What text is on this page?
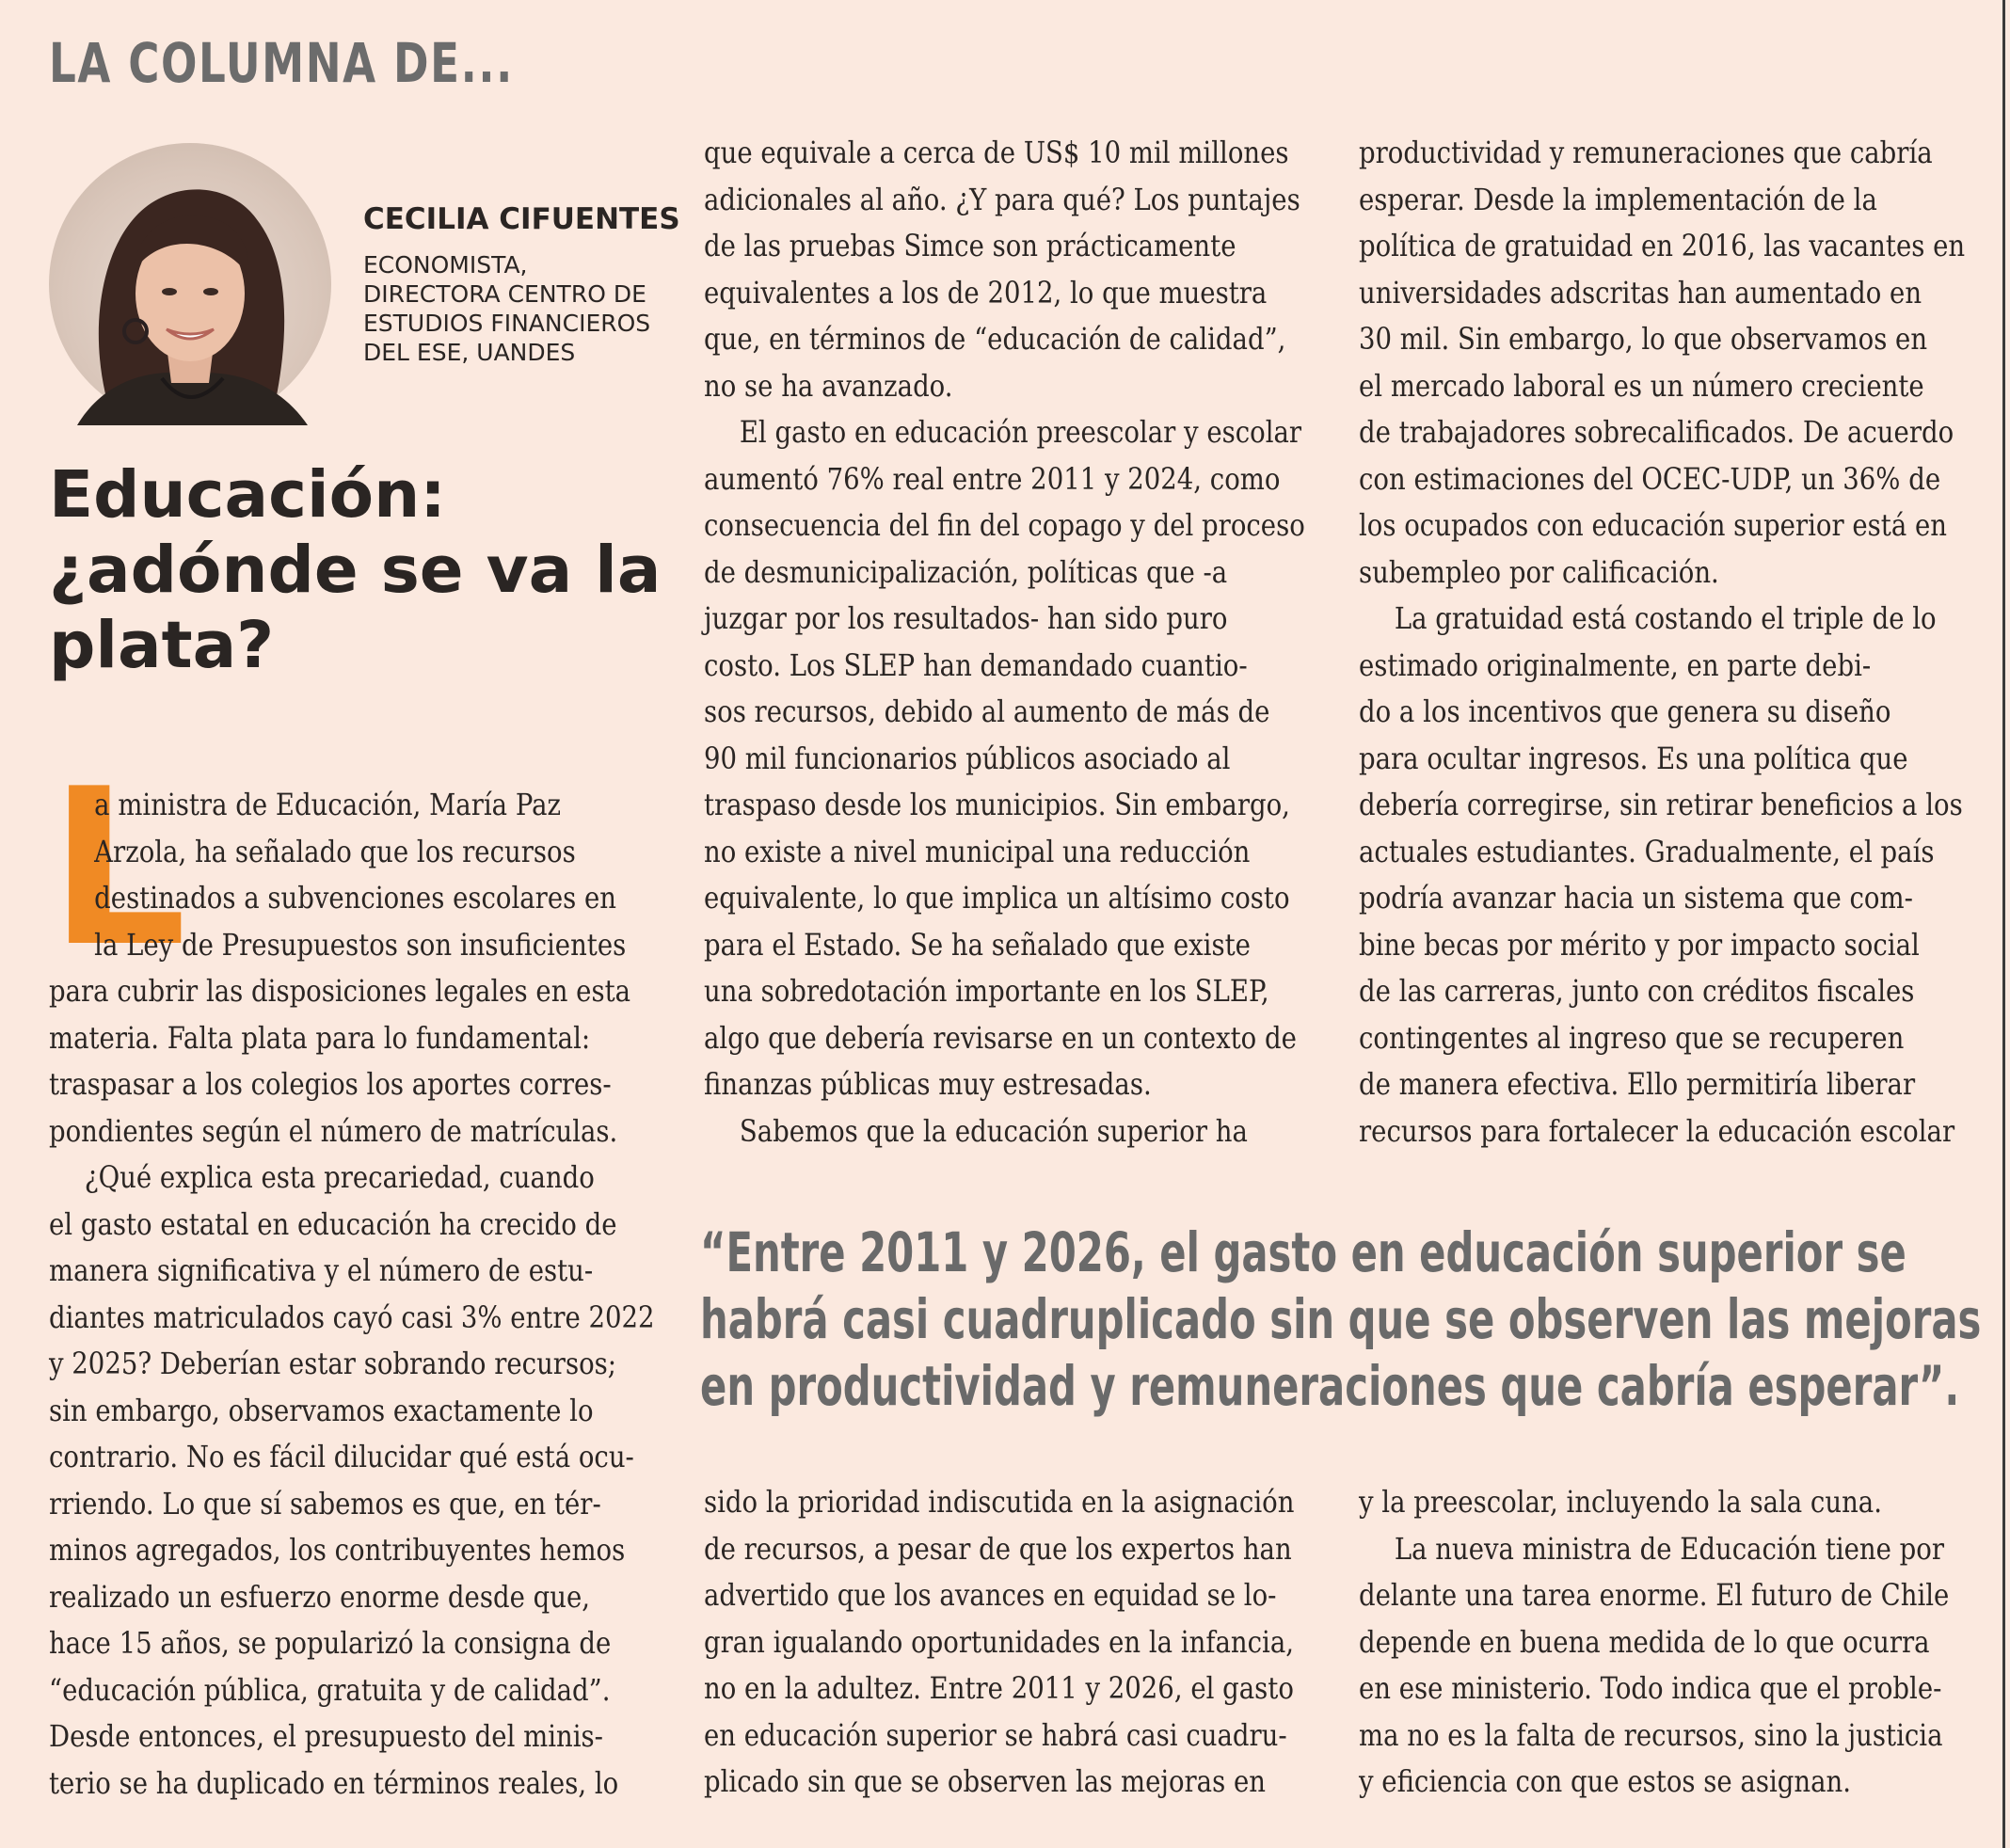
LA COLUMNA DE...
CECILIA CIFUENTES
ECONOMISTA,
DIRECTORA CENTRO DE
ESTUDIOS FINANCIEROS
DEL ESE, UANDES
Educación:
¿adónde se va la
plata?
L
a ministra de Educación, María Paz
Arzola, ha señalado que los recursos
destinados a subvenciones escolares en
la Ley de Presupuestos son insuficientes
para cubrir las disposiciones legales en esta
materia. Falta plata para lo fundamental:
traspasar a los colegios los aportes corres-
pondientes según el número de matrículas.
¿Qué explica esta precariedad, cuando
el gasto estatal en educación ha crecido de
manera significativa y el número de estu-
diantes matriculados cayó casi 3% entre 2022
y 2025? Deberían estar sobrando recursos;
sin embargo, observamos exactamente lo
contrario. No es fácil dilucidar qué está ocu-
rriendo. Lo que sí sabemos es que, en tér-
minos agregados, los contribuyentes hemos
realizado un esfuerzo enorme desde que,
hace 15 años, se popularizó la consigna de
“educación pública, gratuita y de calidad”.
Desde entonces, el presupuesto del minis-
terio se ha duplicado en términos reales, lo
que equivale a cerca de US$ 10 mil millones
adicionales al año. ¿Y para qué? Los puntajes
de las pruebas Simce son prácticamente
equivalentes a los de 2012, lo que muestra
que, en términos de “educación de calidad”,
no se ha avanzado.
El gasto en educación preescolar y escolar
aumentó 76% real entre 2011 y 2024, como
consecuencia del fin del copago y del proceso
de desmunicipalización, políticas que -a
juzgar por los resultados- han sido puro
costo. Los SLEP han demandado cuantio-
sos recursos, debido al aumento de más de
90 mil funcionarios públicos asociado al
traspaso desde los municipios. Sin embargo,
no existe a nivel municipal una reducción
equivalente, lo que implica un altísimo costo
para el Estado. Se ha señalado que existe
una sobredotación importante en los SLEP,
algo que debería revisarse en un contexto de
finanzas públicas muy estresadas.
Sabemos que la educación superior ha
productividad y remuneraciones que cabría
esperar. Desde la implementación de la
política de gratuidad en 2016, las vacantes en
universidades adscritas han aumentado en
30 mil. Sin embargo, lo que observamos en
el mercado laboral es un número creciente
de trabajadores sobrecalificados. De acuerdo
con estimaciones del OCEC-UDP, un 36% de
los ocupados con educación superior está en
subempleo por calificación.
La gratuidad está costando el triple de lo
estimado originalmente, en parte debi-
do a los incentivos que genera su diseño
para ocultar ingresos. Es una política que
debería corregirse, sin retirar beneficios a los
actuales estudiantes. Gradualmente, el país
podría avanzar hacia un sistema que com-
bine becas por mérito y por impacto social
de las carreras, junto con créditos fiscales
contingentes al ingreso que se recuperen
de manera efectiva. Ello permitiría liberar
recursos para fortalecer la educación escolar
“Entre 2011 y 2026, el gasto en educación superior se
habrá casi cuadruplicado sin que se observen las mejoras
en productividad y remuneraciones que cabría esperar”.
sido la prioridad indiscutida en la asignación
de recursos, a pesar de que los expertos han
advertido que los avances en equidad se lo-
gran igualando oportunidades en la infancia,
no en la adultez. Entre 2011 y 2026, el gasto
en educación superior se habrá casi cuadru-
plicado sin que se observen las mejoras en
y la preescolar, incluyendo la sala cuna.
La nueva ministra de Educación tiene por
delante una tarea enorme. El futuro de Chile
depende en buena medida de lo que ocurra
en ese ministerio. Todo indica que el proble-
ma no es la falta de recursos, sino la justicia
y eficiencia con que estos se asignan.
